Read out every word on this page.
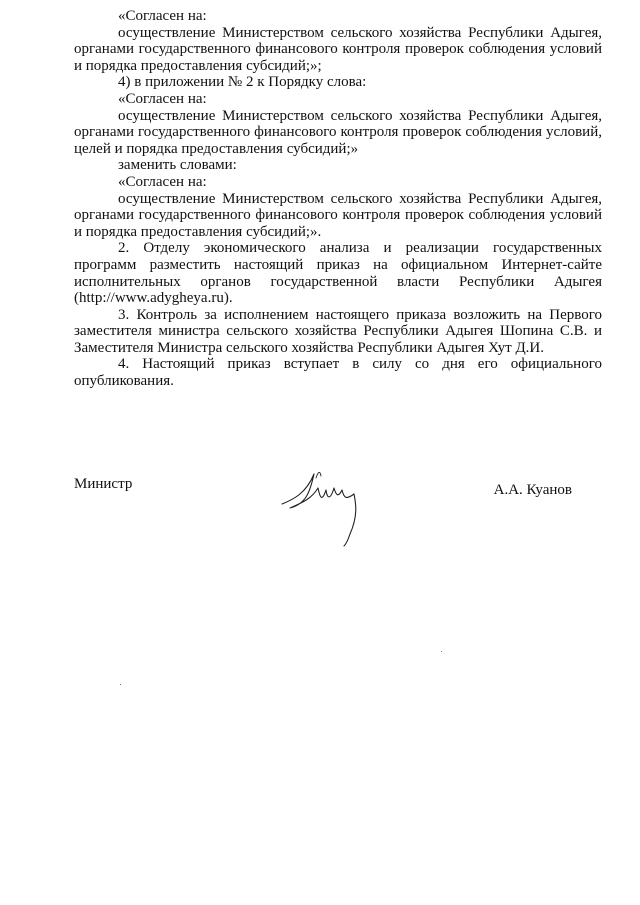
«Согласен на:

осуществление Министерством сельского хозяйства Республики Адыгея, органами государственного финансового контроля проверок соблюдения условий и порядка предоставления субсидий;»;

4) в приложении № 2 к Порядку слова:

«Согласен на:

осуществление Министерством сельского хозяйства Республики Адыгея, органами государственного финансового контроля проверок соблюдения условий, целей и порядка предоставления субсидий;»

заменить словами:

«Согласен на:

осуществление Министерством сельского хозяйства Республики Адыгея, органами государственного финансового контроля проверок соблюдения условий и порядка предоставления субсидий;».

2. Отделу экономического анализа и реализации государственных программ разместить настоящий приказ на официальном Интернет-сайте исполнительных органов государственной власти Республики Адыгея (http://www.adygheya.ru).

3. Контроль за исполнением настоящего приказа возложить на Первого заместителя министра сельского хозяйства Республики Адыгея Шопина С.В. и Заместителя Министра сельского хозяйства Республики Адыгея Хут Д.И.

4. Настоящий приказ вступает в силу со дня его официального опубликования.

Министр	А.А. Куанов
